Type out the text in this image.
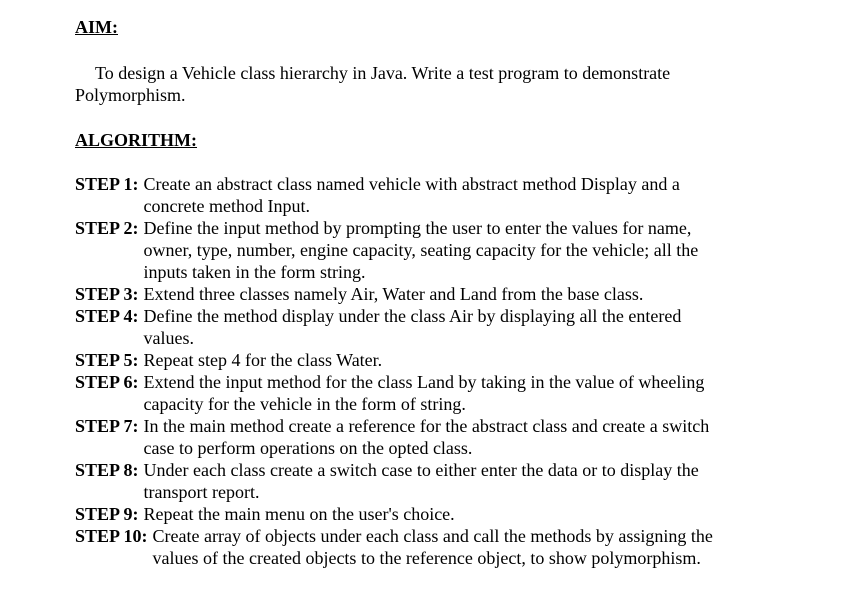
AIM:

To design a Vehicle class hierarchy in Java. Write a test program to demonstrate
Polymorphism.

ALGORITHM:
STEP 1: Create an abstract class named vehicle with abstract method Display and a
concrete method Input.
STEP 2: Define the input method by prompting the user to enter the values for name,
owner, type, number, engine capacity, seating capacity for the vehicle; all the
inputs taken in the form string.
STEP 3: Extend three classes namely Air, Water and Land from the base class.
STEP 4: Define the method display under the class Air by displaying all the entered
values.
STEP 5: Repeat step 4 for the class Water.
STEP 6: Extend the input method for the class Land by taking in the value of wheeling
capacity for the vehicle in the form of string.
STEP 7: In the main method create a reference for the abstract class and create a switch
case to perform operations on the opted class.
STEP 8: Under each class create a switch case to either enter the data or to display the
transport report.
STEP 9: Repeat the main menu on the user's choice.
STEP 10: Create array of objects under each class and call the methods by assigning the
values of the created objects to the reference object, to show polymorphism.
